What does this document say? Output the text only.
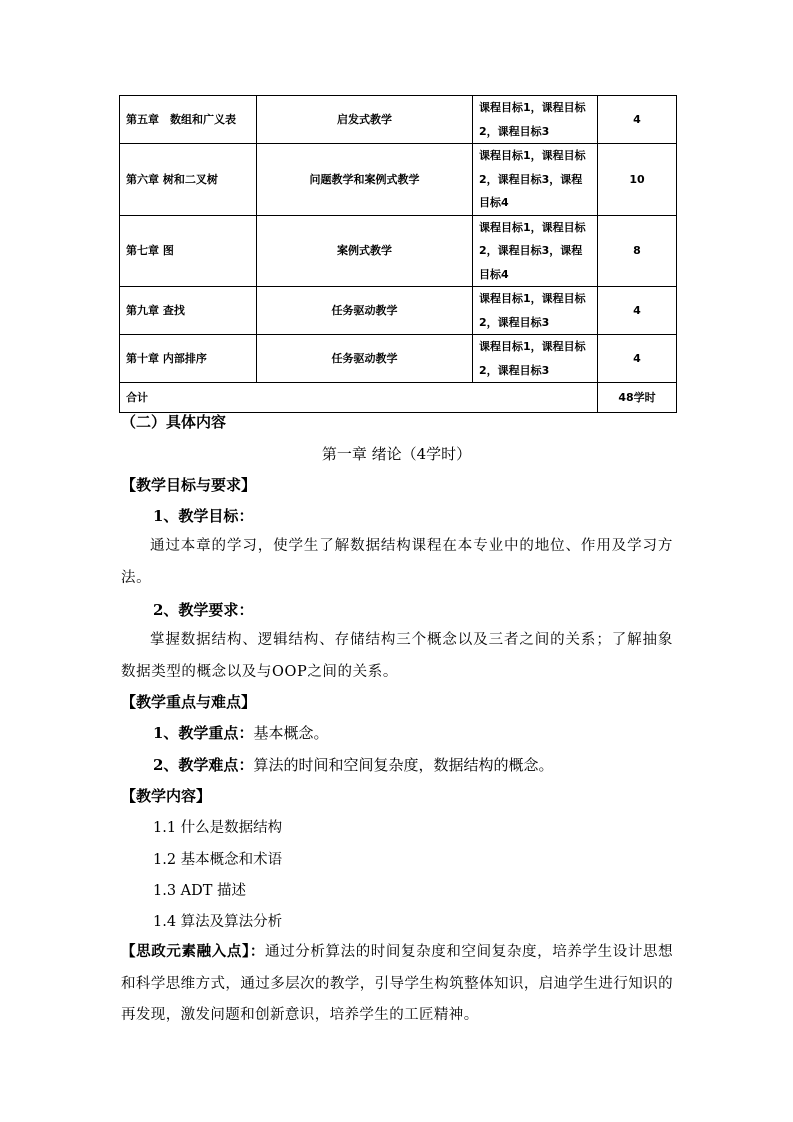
第五章　数组和广义表	启发式教学	课程目标1，课程目标2，课程目标3	4
第六章 树和二叉树	问题教学和案例式教学	课程目标1，课程目标2，课程目标3，课程目标4	10
第七章 图	案例式教学	课程目标1，课程目标2，课程目标3，课程目标4	8
第九章 查找	任务驱动教学	课程目标1，课程目标2，课程目标3	4
第十章 内部排序	任务驱动教学	课程目标1，课程目标2，课程目标3	4
合计			48学时
（二）具体内容
第一章 绪论（4学时）
【教学目标与要求】
1、教学目标：
通过本章的学习，使学生了解数据结构课程在本专业中的地位、作用及学习方法。
2、教学要求：
掌握数据结构、逻辑结构、存储结构三个概念以及三者之间的关系；了解抽象数据类型的概念以及与OOP之间的关系。
【教学重点与难点】
1、教学重点：基本概念。
2、教学难点：算法的时间和空间复杂度，数据结构的概念。
【教学内容】
1.1 什么是数据结构
1.2 基本概念和术语
1.3 ADT 描述
1.4 算法及算法分析
【思政元素融入点】：通过分析算法的时间复杂度和空间复杂度，培养学生设计思想和科学思维方式，通过多层次的教学，引导学生构筑整体知识，启迪学生进行知识的再发现，激发问题和创新意识，培养学生的工匠精神。
